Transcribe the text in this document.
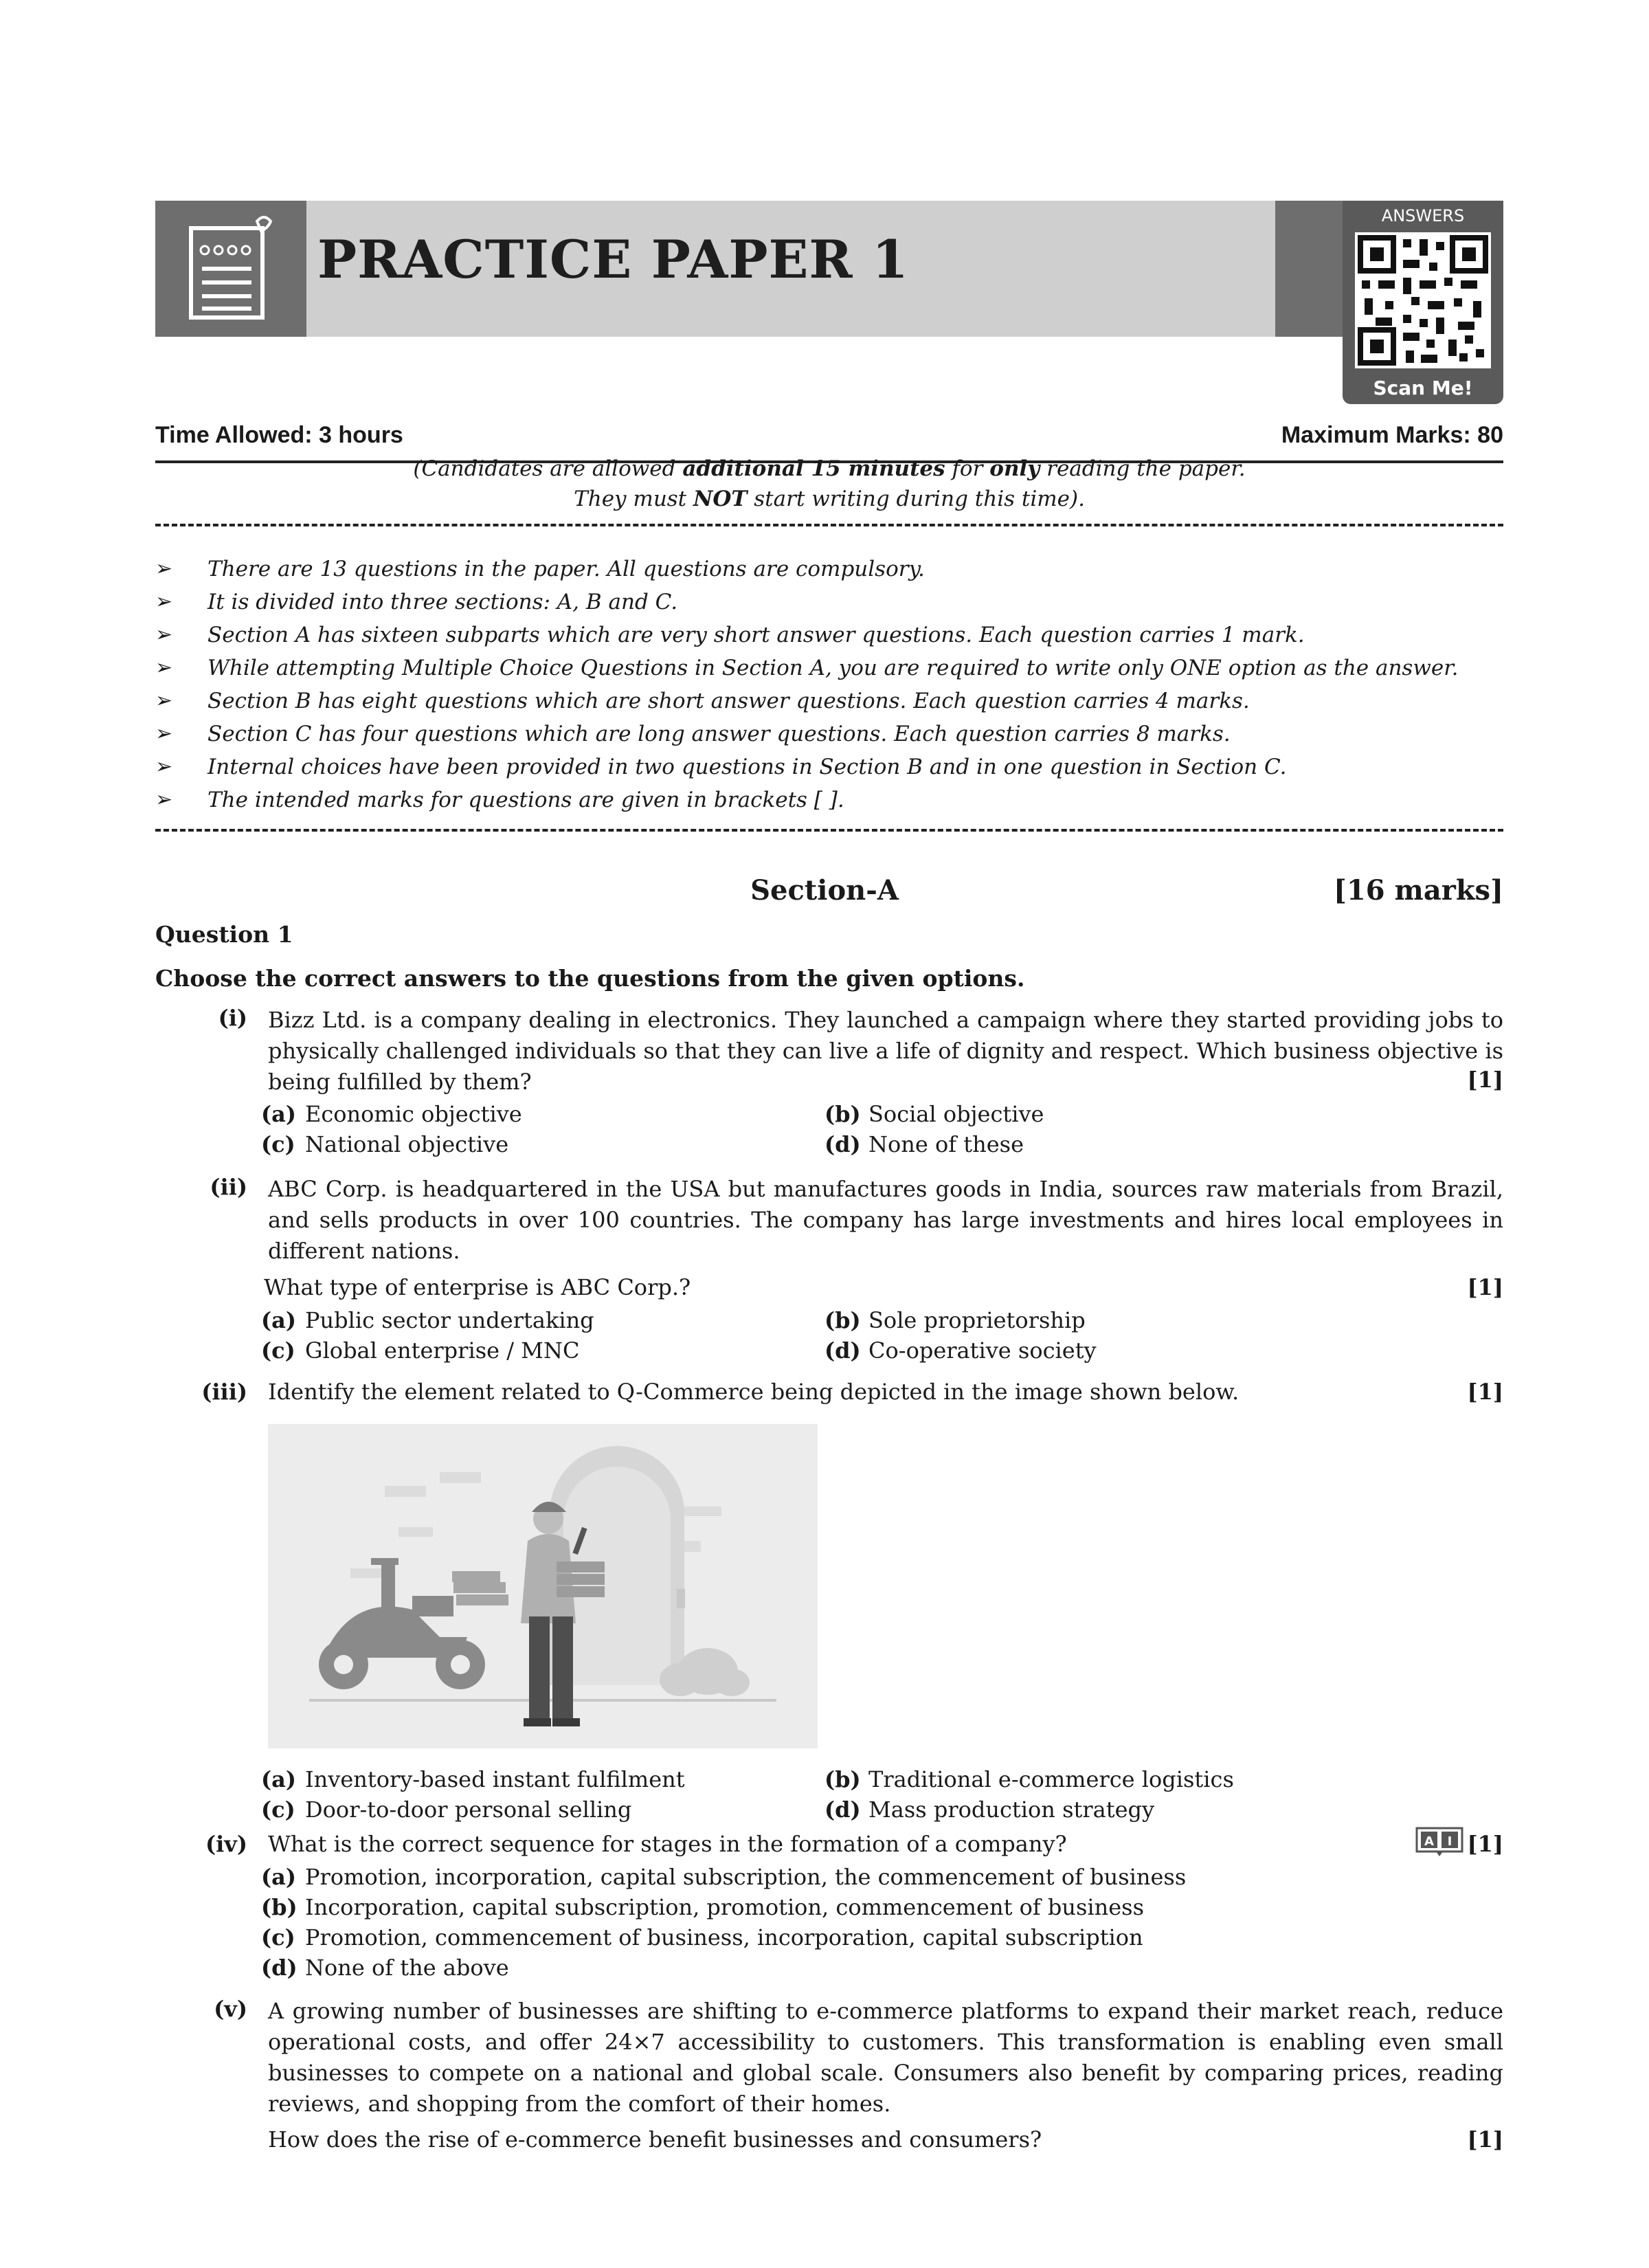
PRACTICE PAPER 1
ANSWERS
Scan Me!
Time Allowed: 3 hours	Maximum Marks: 80
(Candidates are allowed additional 15 minutes for only reading the paper.
They must NOT start writing during this time).
➢ There are 13 questions in the paper. All questions are compulsory.
➢ It is divided into three sections: A, B and C.
➢ Section A has sixteen subparts which are very short answer questions. Each question carries 1 mark.
➢ While attempting Multiple Choice Questions in Section A, you are required to write only ONE option as the answer.
➢ Section B has eight questions which are short answer questions. Each question carries 4 marks.
➢ Section C has four questions which are long answer questions. Each question carries 8 marks.
➢ Internal choices have been provided in two questions in Section B and in one question in Section C.
➢ The intended marks for questions are given in brackets [ ].
Section-A	[16 marks]
Question 1
Choose the correct answers to the questions from the given options.
(i) Bizz Ltd. is a company dealing in electronics. They launched a campaign where they started providing jobs to physically challenged individuals so that they can live a life of dignity and respect. Which business objective is being fulfilled by them?	[1]
(a) Economic objective	(b) Social objective
(c) National objective	(d) None of these
(ii) ABC Corp. is headquartered in the USA but manufactures goods in India, sources raw materials from Brazil, and sells products in over 100 countries. The company has large investments and hires local employees in different nations.
What type of enterprise is ABC Corp.?	[1]
(a) Public sector undertaking	(b) Sole proprietorship
(c) Global enterprise / MNC	(d) Co-operative society
(iii) Identify the element related to Q-Commerce being depicted in the image shown below.	[1]
(a) Inventory-based instant fulfilment	(b) Traditional e-commerce logistics
(c) Door-to-door personal selling	(d) Mass production strategy
(iv) What is the correct sequence for stages in the formation of a company?	A I [1]
(a) Promotion, incorporation, capital subscription, the commencement of business
(b) Incorporation, capital subscription, promotion, commencement of business
(c) Promotion, commencement of business, incorporation, capital subscription
(d) None of the above
(v) A growing number of businesses are shifting to e-commerce platforms to expand their market reach, reduce operational costs, and offer 24×7 accessibility to customers. This transformation is enabling even small businesses to compete on a national and global scale. Consumers also benefit by comparing prices, reading reviews, and shopping from the comfort of their homes.
How does the rise of e-commerce benefit businesses and consumers?	[1]
